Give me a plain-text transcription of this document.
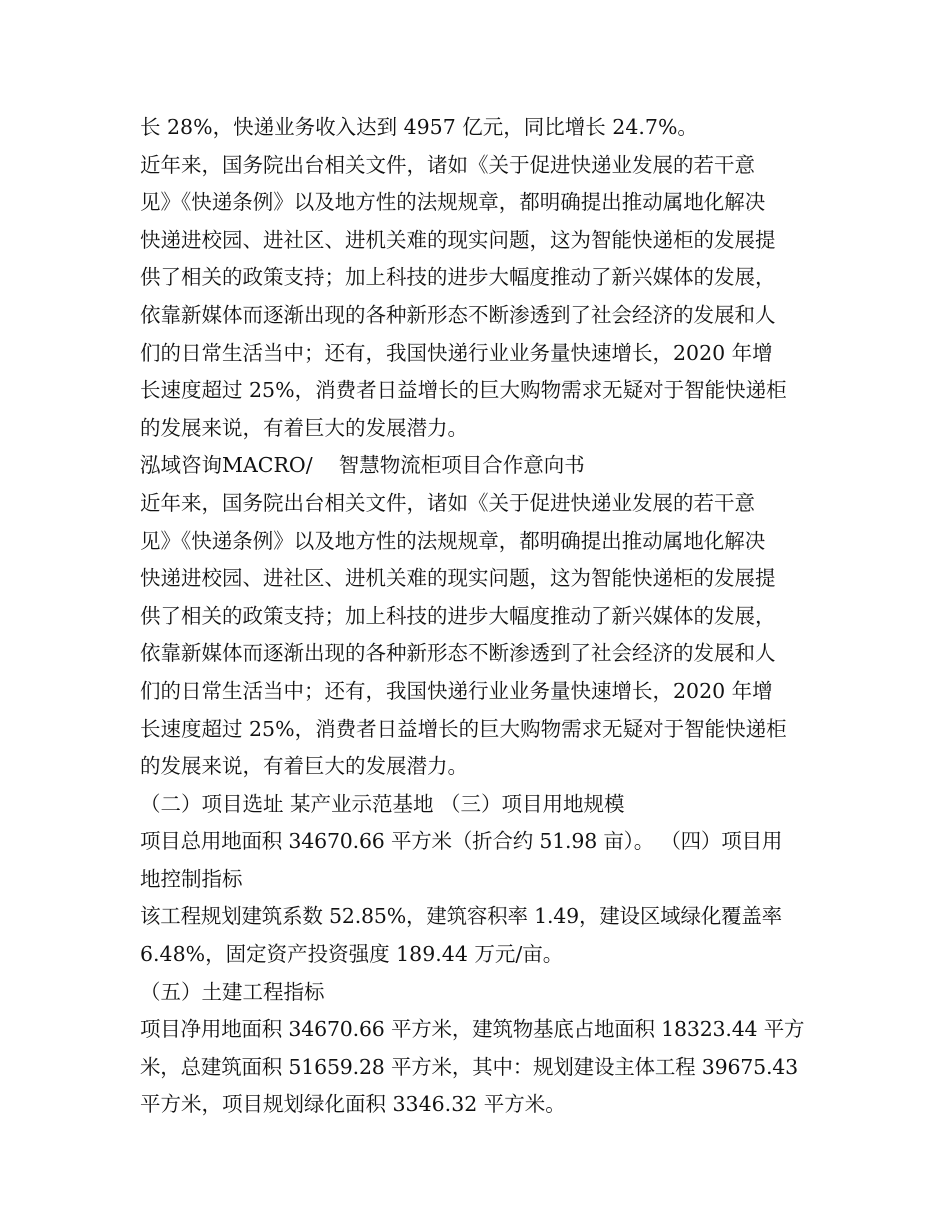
长 28%，快递业务收入达到 4957 亿元，同比增长 24.7%。
近年来，国务院出台相关文件，诸如《关于促进快递业发展的若干意
见》《快递条例》以及地方性的法规规章，都明确提出推动属地化解决
快递进校园、进社区、进机关难的现实问题，这为智能快递柜的发展提
供了相关的政策支持；加上科技的进步大幅度推动了新兴媒体的发展，
依靠新媒体而逐渐出现的各种新形态不断渗透到了社会经济的发展和人
们的日常生活当中；还有，我国快递行业业务量快速增长，2020 年增
长速度超过 25%，消费者日益增长的巨大购物需求无疑对于智能快递柜
的发展来说，有着巨大的发展潜力。
泓域咨询MACRO/    智慧物流柜项目合作意向书
近年来，国务院出台相关文件，诸如《关于促进快递业发展的若干意
见》《快递条例》以及地方性的法规规章，都明确提出推动属地化解决
快递进校园、进社区、进机关难的现实问题，这为智能快递柜的发展提
供了相关的政策支持；加上科技的进步大幅度推动了新兴媒体的发展，
依靠新媒体而逐渐出现的各种新形态不断渗透到了社会经济的发展和人
们的日常生活当中；还有，我国快递行业业务量快速增长，2020 年增
长速度超过 25%，消费者日益增长的巨大购物需求无疑对于智能快递柜
的发展来说，有着巨大的发展潜力。
（二）项目选址 某产业示范基地 （三）项目用地规模
项目总用地面积 34670.66 平方米（折合约 51.98 亩）。 （四）项目用
地控制指标
该工程规划建筑系数 52.85%，建筑容积率 1.49，建设区域绿化覆盖率
6.48%，固定资产投资强度 189.44 万元/亩。
（五）土建工程指标
项目净用地面积 34670.66 平方米，建筑物基底占地面积 18323.44 平方
米，总建筑面积 51659.28 平方米，其中：规划建设主体工程 39675.43
平方米，项目规划绿化面积 3346.32 平方米。
